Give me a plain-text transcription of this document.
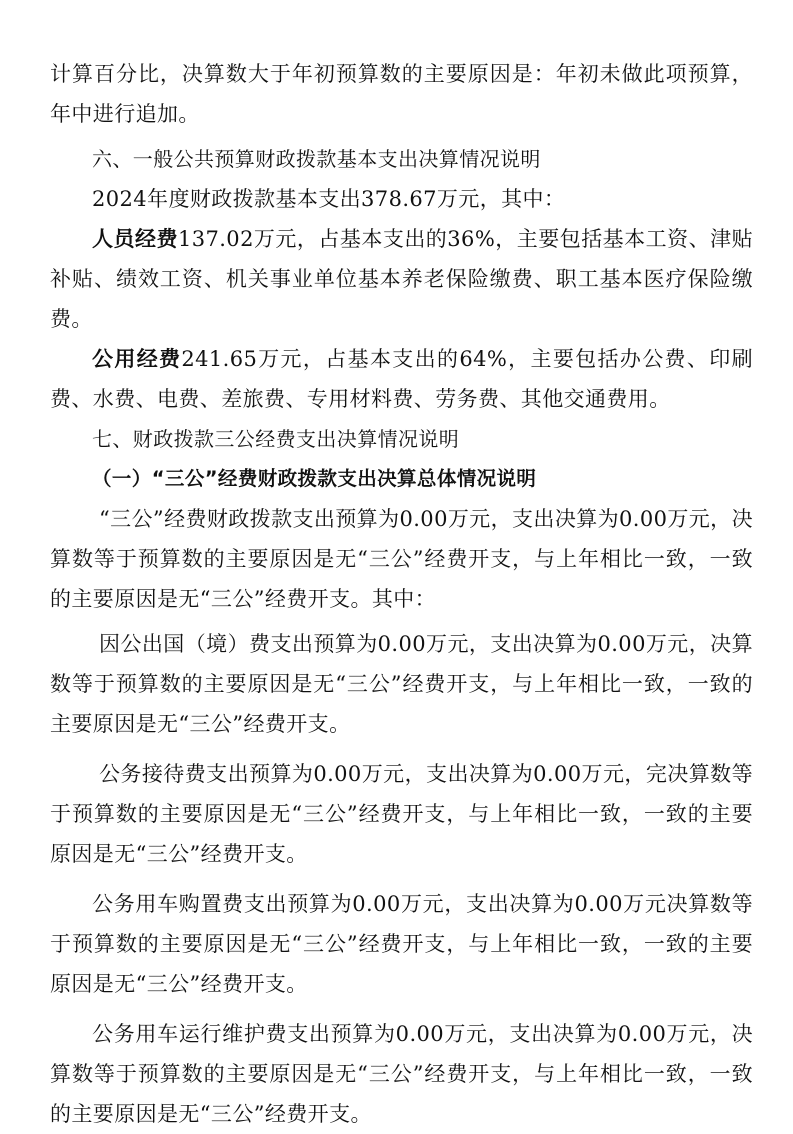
计算百分比，决算数大于年初预算数的主要原因是：年初未做此项预算，年中进行追加。

六、一般公共预算财政拨款基本支出决算情况说明

2024年度财政拨款基本支出378.67万元，其中：

人员经费137.02万元，占基本支出的36%，主要包括基本工资、津贴补贴、绩效工资、机关事业单位基本养老保险缴费、职工基本医疗保险缴费。

公用经费241.65万元，占基本支出的64%，主要包括办公费、印刷费、水费、电费、差旅费、专用材料费、劳务费、其他交通费用。

七、财政拨款三公经费支出决算情况说明

（一）“三公”经费财政拨款支出决算总体情况说明

“三公”经费财政拨款支出预算为0.00万元，支出决算为0.00万元，决算数等于预算数的主要原因是无“三公”经费开支，与上年相比一致，一致的主要原因是无“三公”经费开支。其中：

因公出国（境）费支出预算为0.00万元，支出决算为0.00万元，决算数等于预算数的主要原因是无“三公”经费开支，与上年相比一致，一致的主要原因是无“三公”经费开支。

公务接待费支出预算为0.00万元，支出决算为0.00万元，完决算数等于预算数的主要原因是无“三公”经费开支，与上年相比一致，一致的主要原因是无“三公”经费开支。

公务用车购置费支出预算为0.00万元，支出决算为0.00万元决算数等于预算数的主要原因是无“三公”经费开支，与上年相比一致，一致的主要原因是无“三公”经费开支。

公务用车运行维护费支出预算为0.00万元，支出决算为0.00万元，决算数等于预算数的主要原因是无“三公”经费开支，与上年相比一致，一致的主要原因是无“三公”经费开支。
